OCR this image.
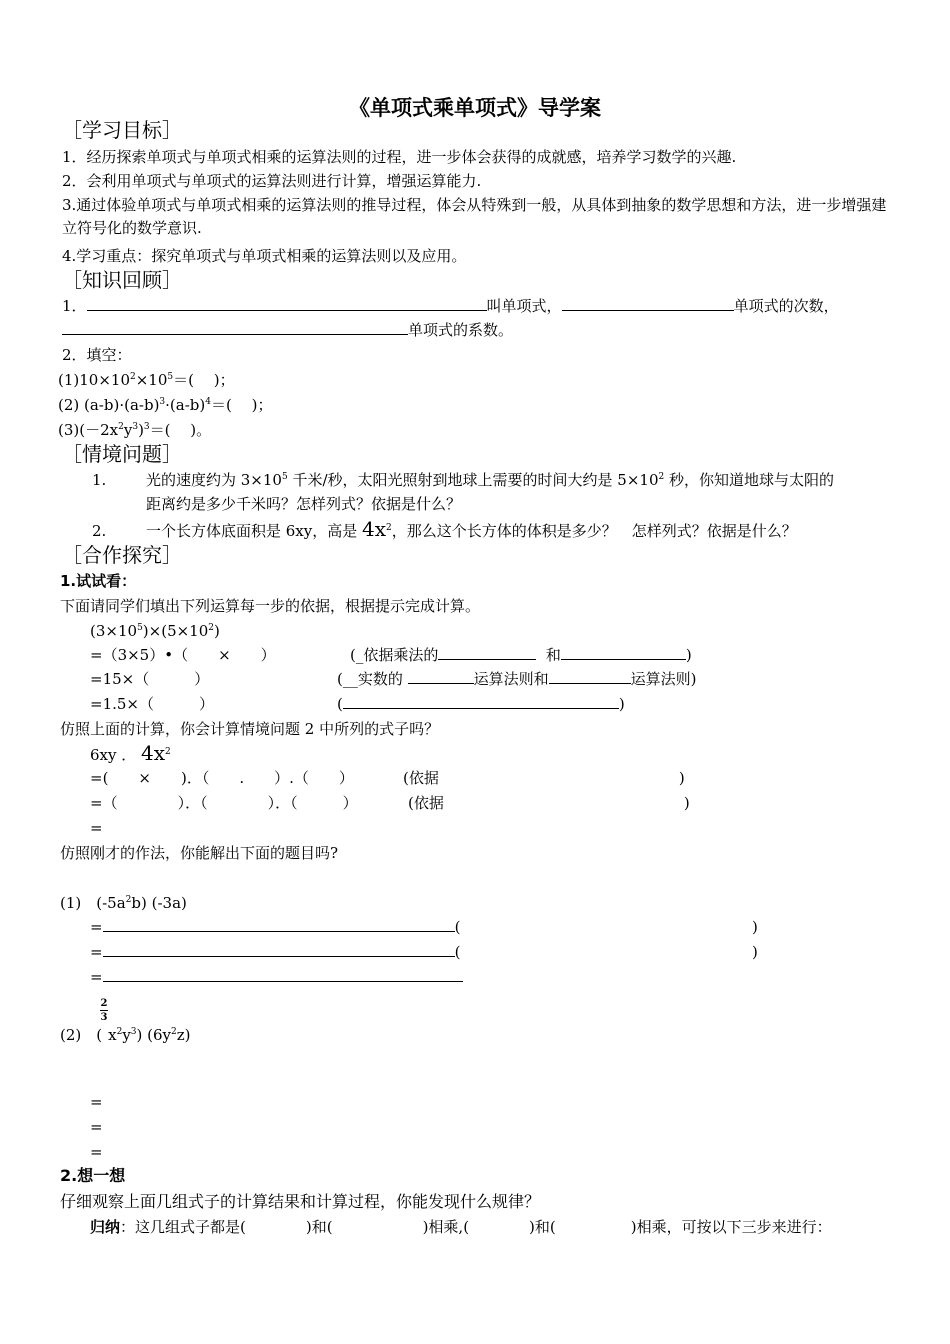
《单项式乘单项式》导学案
［学习目标］
1．经历探索单项式与单项式相乘的运算法则的过程，进一步体会获得的成就感，培养学习数学的兴趣.
2．会利用单项式与单项式的运算法则进行计算，增强运算能力.
3.通过体验单项式与单项式相乘的运算法则的推导过程，体会从特殊到一般，从具体到抽象的数学思想和方法，进一步增强建立符号化的数学意识.
4.学习重点：探究单项式与单项式相乘的运算法则以及应用。
［知识回顾］
1．	叫单项式，	单项式的次数，
单项式的系数。
2．填空：
$(1)10\times 10^2\times 10^5=$(　 )；
(2) $(a-b)\cdot(a-b)^3\cdot(a-b)^4=$(　 )；
$(3)(-2x^2y^3)^3=$(　 )。
［情境问题］
1.	光的速度约为 $3\times 10^5$ 千米/秒，太阳光照射到地球上需要的时间大约是 $5\times 10^2$ 秒，你知道地球与太阳的
距离约是多少千米吗？怎样列式？依据是什么？
2.	一个长方体底面积是 6xy，高是 $4x^2$，那么这个长方体的体积是多少？　怎样列式？依据是什么？
［合作探究］
1.试试看：
下面请同学们填出下列运算每一步的依据，根据提示完成计算。
$(3\times 10^5)\times(5\times 10^2)$
=（3×5）•（　　×　　）	(_依据乘法的	和	)
=15×（　　　）	(__实数的	运算法则和	运算法则)
=1.5×（　　　）	(	)
仿照上面的计算，你会计算情境问题 2 中所列的式子吗？
6xy ． $4x^2$
=(　　×　　)．（　　.　　）.（　　）	(依据　　　　　　　　　　　　　　　　)
=（　　　　）．（　　　　）．（　　　）	(依据　　　　　　　　　　　　　　　　)
=
仿照刚才的作法，你能解出下面的题目吗?
(1)　$(-5a^2b)$ (-3a)
=	(	)
=	(	)
=
2
3
(2)　( $x^2y^3$) $(6y^2z)$
=
=
=
2.想一想
仔细观察上面几组式子的计算结果和计算过程，你能发现什么规律？
归纳：这几组式子都是(　　　　)和(　　　　　　)相乘,(　　　　)和(　　　　　)相乘，可按以下三步来进行：
